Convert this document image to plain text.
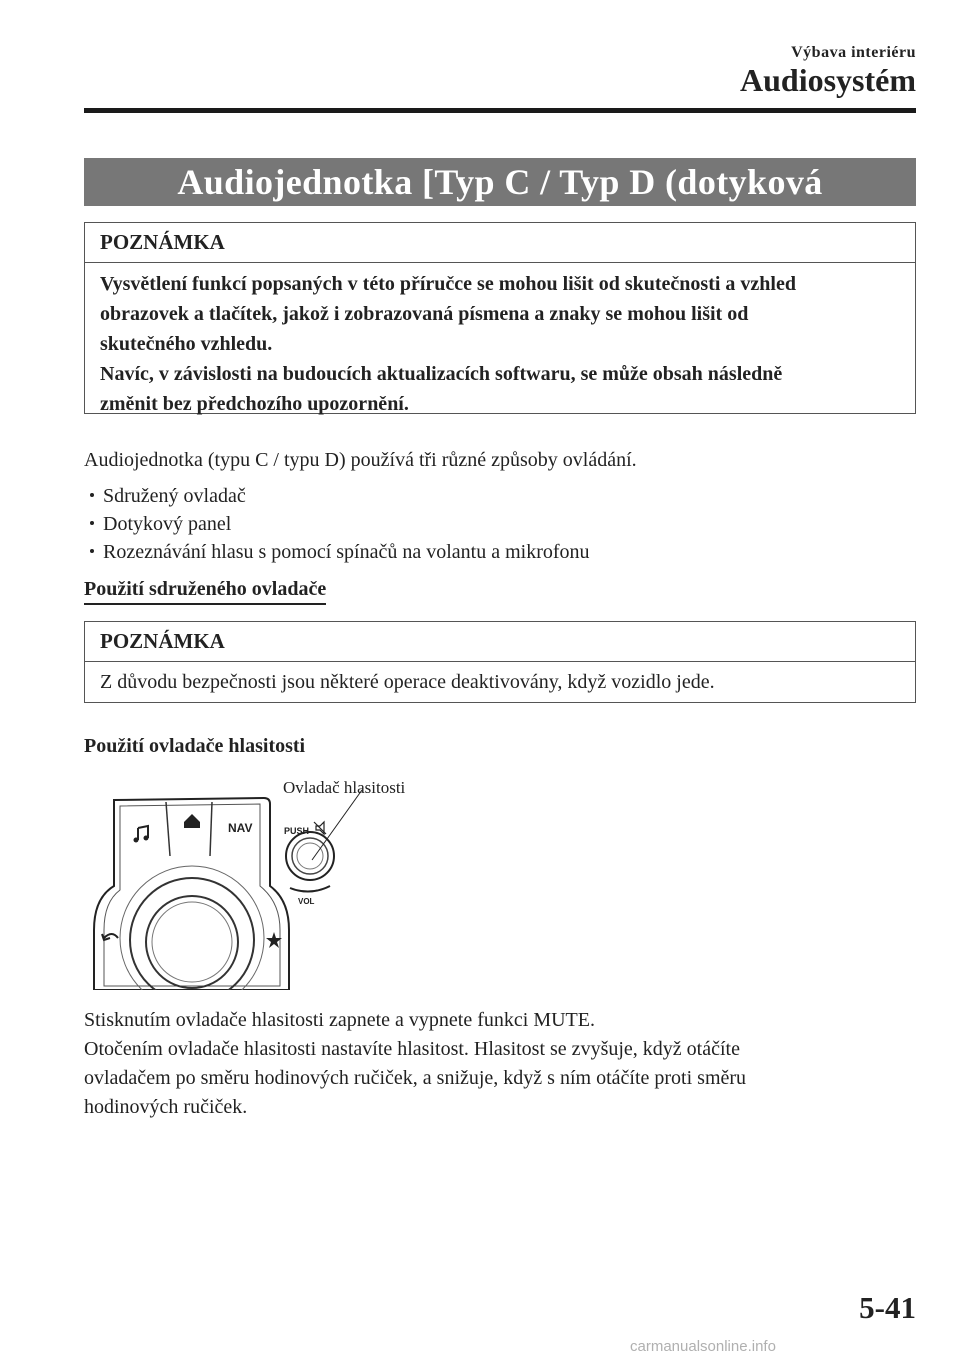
Výbava interiéru
Audiosystém
Audiojednotka [Typ C / Typ D (dotyková obrazovka)]
POZNÁMKA
Vysvětlení funkcí popsaných v této příručce se mohou lišit od skutečnosti a vzhled
obrazovek a tlačítek, jakož i zobrazovaná písmena a znaky se mohou lišit od
skutečného vzhledu.
Navíc, v závislosti na budoucích aktualizacích softwaru, se může obsah následně
změnit bez předchozího upozornění.
Audiojednotka (typu C / typu D) používá tři různé způsoby ovládání.
Sdružený ovladač
Dotykový panel
Rozeznávání hlasu s pomocí spínačů na volantu a mikrofonu
Použití sdruženého ovladače
POZNÁMKA
Z důvodu bezpečnosti jsou některé operace deaktivovány, když vozidlo jede.
Použití ovladače hlasitosti
Ovladač hlasitosti
NAV	PUSH
VOL
Stisknutím ovladače hlasitosti zapnete a vypnete funkci MUTE.
Otočením ovladače hlasitosti nastavíte hlasitost. Hlasitost se zvyšuje, když otáčíte
ovladačem po směru hodinových ručiček, a snižuje, když s ním otáčíte proti směru
hodinových ručiček.
5-41
carmanualsonline.info
